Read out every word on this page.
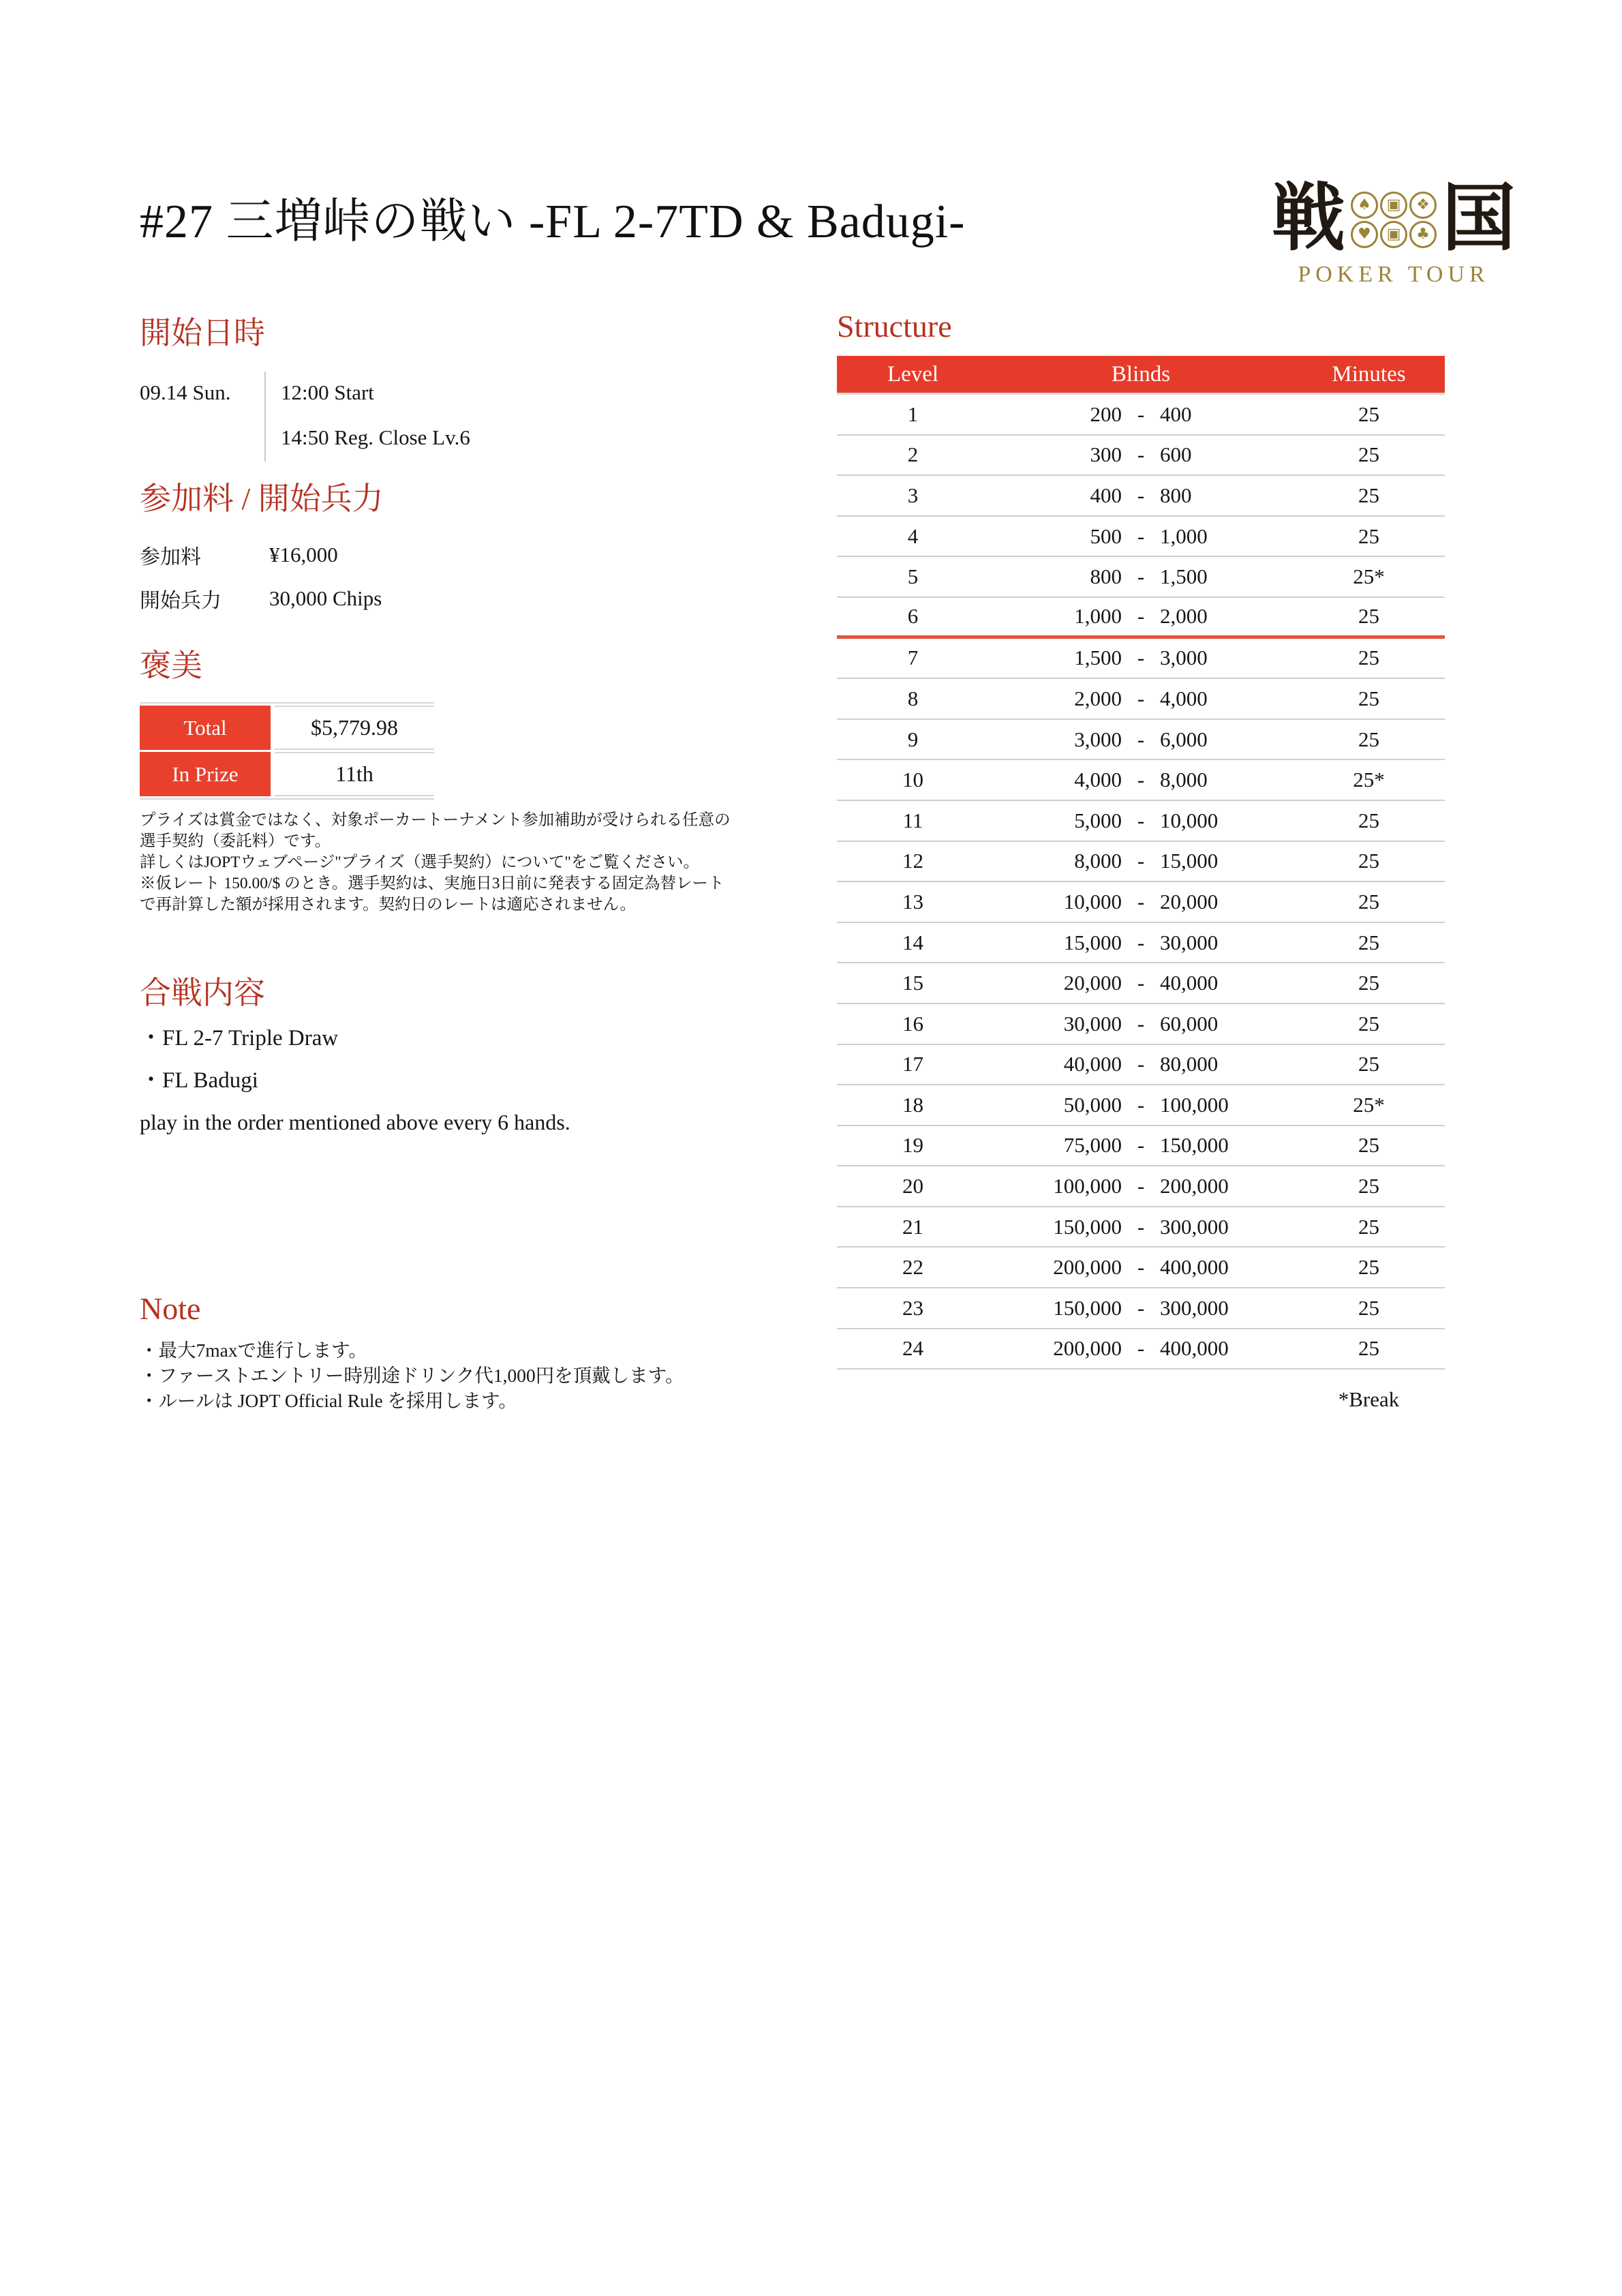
#27 三増峠の戦い -FL 2-7TD & Badugi-	戦 ♠	▣	❖
♥	▣	♣ 国
POKER TOUR
開始日時
09.14 Sun.	12:00 Start
14:50 Reg. Close Lv.6
参加料 / 開始兵力
参加料	¥16,000
開始兵力	30,000 Chips
褒美
Total	$5,779.98
In Prize	11th
プライズは賞金ではなく、対象ポーカートーナメント参加補助が受けられる任意の
選手契約（委託料）です。
詳しくはJOPTウェブページ"プライズ（選手契約）について"をご覧ください。
※仮レート 150.00/$ のとき。選手契約は、実施日3日前に発表する固定為替レート
で再計算した額が採用されます。契約日のレートは適応されません。
合戦内容
・FL 2-7 Triple Draw
・FL Badugi
play in the order mentioned above every 6 hands.
Note
・最大7maxで進行します。
・ファーストエントリー時別途ドリンク代1,000円を頂戴します。
・ルールは JOPT Official Rule を採用します。
Structure
Level	Blinds	Minutes
1	200 - 400	25
2	300 - 600	25
3	400 - 800	25
4	500 - 1,000	25
5	800 - 1,500	25*
6	1,000 - 2,000	25
7	1,500 - 3,000	25
8	2,000 - 4,000	25
9	3,000 - 6,000	25
10	4,000 - 8,000	25*
11	5,000 - 10,000	25
12	8,000 - 15,000	25
13	10,000 - 20,000	25
14	15,000 - 30,000	25
15	20,000 - 40,000	25
16	30,000 - 60,000	25
17	40,000 - 80,000	25
18	50,000 - 100,000	25*
19	75,000 - 150,000	25
20	100,000 - 200,000	25
21	150,000 - 300,000	25
22	200,000 - 400,000	25
23	150,000 - 300,000	25
24	200,000 - 400,000	25
*Break
